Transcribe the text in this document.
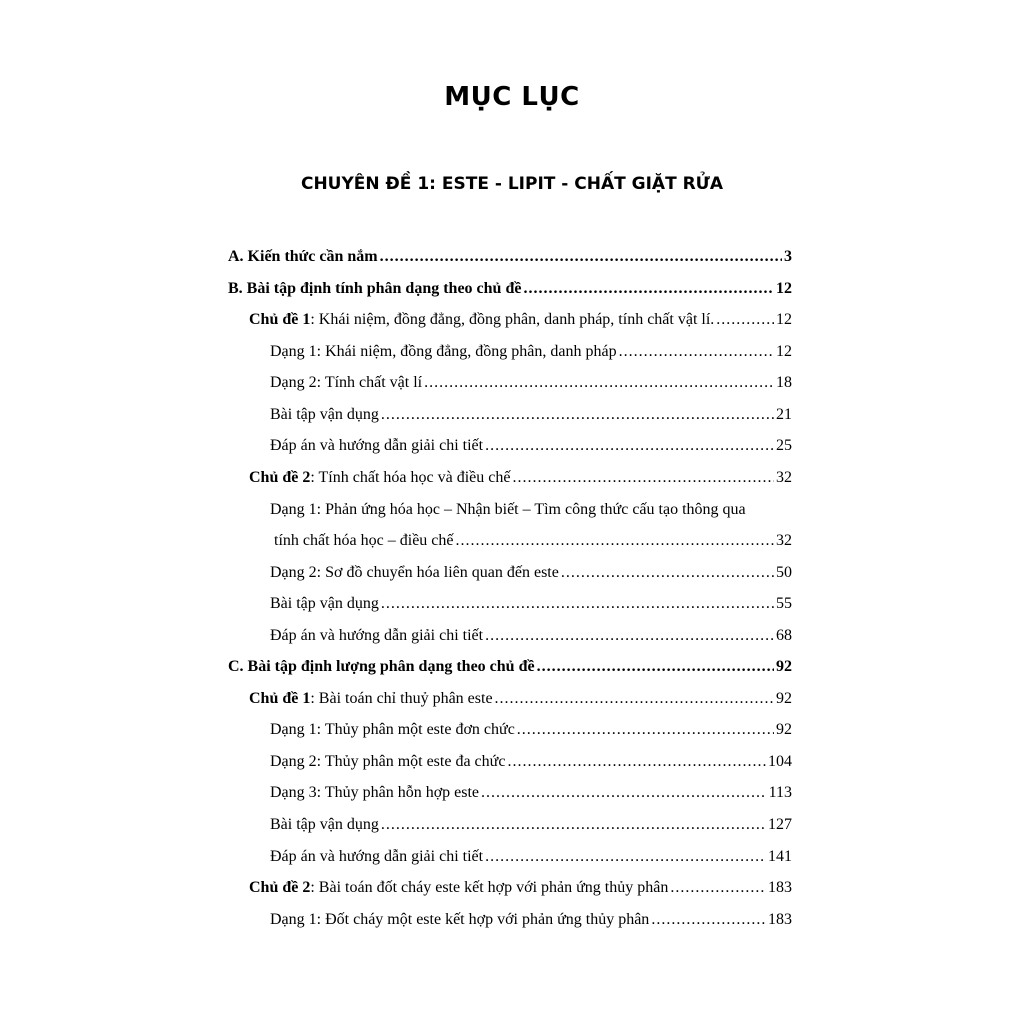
MỤC LỤC
CHUYÊN ĐỀ 1: ESTE - LIPIT - CHẤT GIẶT RỬA
A. Kiến thức cần nắm .....	3
B. Bài tập định tính phân dạng theo chủ đề .....	12
Chủ đề 1: Khái niệm, đồng đẳng, đồng phân, danh pháp, tính chất vật lí. .....	12
Dạng 1: Khái niệm, đồng đẳng, đồng phân, danh pháp .....	12
Dạng 2: Tính chất vật lí .....	18
Bài tập vận dụng .....	21
Đáp án và hướng dẫn giải chi tiết .....	25
Chủ đề 2: Tính chất hóa học và điều chế .....	32
Dạng 1: Phản ứng hóa học – Nhận biết – Tìm công thức cấu tạo thông qua
tính chất hóa học – điều chế .....	32
Dạng 2: Sơ đồ chuyển hóa liên quan đến este .....	50
Bài tập vận dụng .....	55
Đáp án và hướng dẫn giải chi tiết .....	68
C. Bài tập định lượng phân dạng theo chủ đề .....	92
Chủ đề 1: Bài toán chỉ thuỷ phân este .....	92
Dạng 1: Thủy phân một este đơn chức .....	92
Dạng 2: Thủy phân một este đa chức .....	104
Dạng 3: Thủy phân hỗn hợp este .....	113
Bài tập vận dụng .....	127
Đáp án và hướng dẫn giải chi tiết .....	141
Chủ đề 2: Bài toán đốt cháy este kết hợp với phản ứng thủy phân .....	183
Dạng 1: Đốt cháy một este kết hợp với phản ứng thủy phân .....	183
